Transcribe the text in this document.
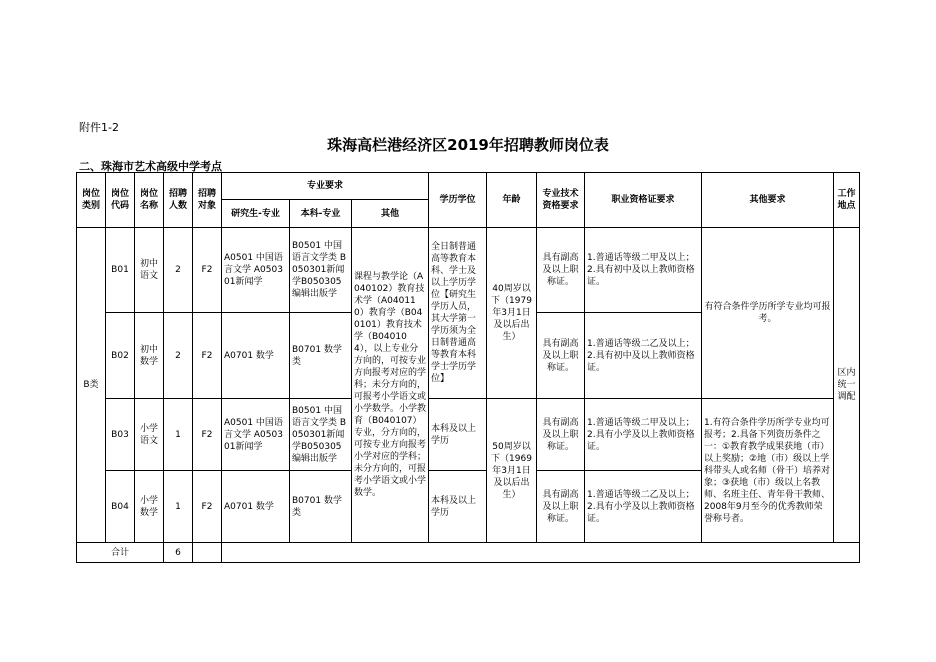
附件1-2
珠海高栏港经济区2019年招聘教师岗位表
二、珠海市艺术高级中学考点
岗位类别	岗位代码	岗位名称	招聘人数	招聘对象	专业要求			学历学位	年龄	专业技术资格要求	职业资格证要求	其他要求	工作地点
					研究生-专业	本科-专业	其他						
B类	B01	初中语文	2	F2	A0501 中国语言文学 A050301新闻学	B0501 中国语言文学类 B050301新闻学B050305编辑出版学	课程与教学论（A040102）教育技术学（A040110）教育学（B040101）教育技术学（B040104），以上专业分方向的，可按专业方向报考对应的学科；未分方向的，可报考小学语文或小学数学。小学教育（B040107）专业，分方向的，可按专业方向报考小学对应的学科；未分方向的，可报考小学语文或小学数学。	全日制普通高等教育本科、学士及以上学历学位【研究生学历人员，其大学第一学历须为全日制普通高等教育本科学士学历学位】	40周岁以下（1979年3月1日及以后出生）	具有副高及以上职称证。	1.普通话等级二甲及以上；2.具有初中及以上教师资格证。	有符合条件学历所学专业均可报考。	区内统一调配
	B02	初中数学	2	F2	A0701 数学	B0701 数学类				具有副高及以上职称证。	1.普通话等级二乙及以上；2.具有初中及以上教师资格证。		
	B03	小学语文	1	F2	A0501 中国语言文学 A050301新闻学	B0501 中国语言文学类 B050301新闻学B050305编辑出版学		本科及以上学历	50周岁以下（1969年3月1日及以后出生）	具有副高及以上职称证。	1.普通话等级二甲及以上；2.具有小学及以上教师资格证。	1.有符合条件学历所学专业均可报考；2.具备下列资历条件之一：①教育教学成果获地（市）以上奖励；②地（市）级以上学科带头人或名师（骨干）培养对象；③获地（市）级以上名教师、名班主任、青年骨干教师、2008年9月至今的优秀教师荣誉称号者。	
	B04	小学数学	1	F2	A0701 数学	B0701 数学类		本科及以上学历		具有副高及以上职称证。	1.普通话等级二乙及以上；2.具有小学及以上教师资格证。		
合计			6										
